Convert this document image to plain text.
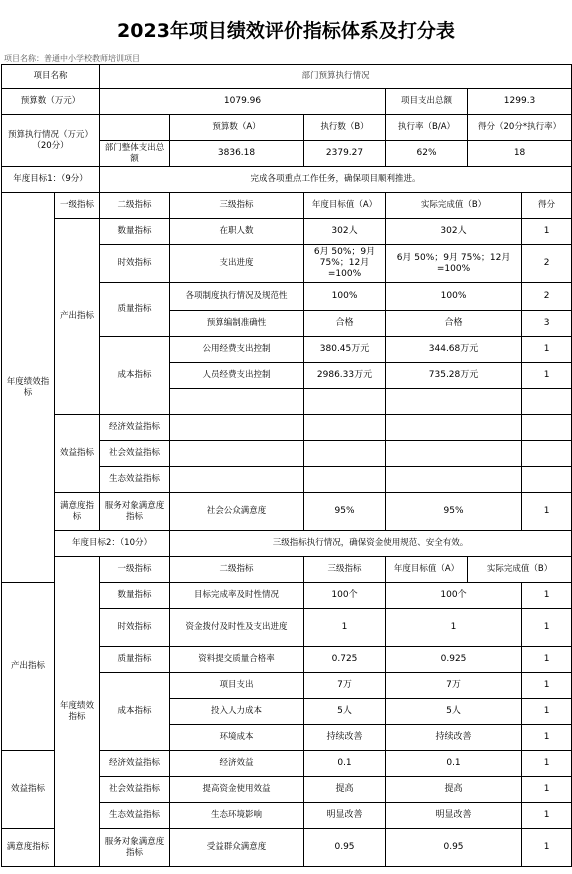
2023年项目绩效评价指标体系及打分表
项目名称：普通中小学校教师培训项目
项目名称		部门预算执行情况						
预算数（万元）		1079.96			项目支出总额	1299.3		
预算执行情况（万元）（20分）			预算数（A）	执行数（B）	执行率（B/A）	得分（20分*执行率）		
		部门整体支出总额	3836.18	2379.27	62%	18		
年度目标1：（9分）		完成各项重点工作任务，确保项目顺利推进。						
年度绩效指标	一级指标	二级指标	三级指标	年度目标值（A）	实际完成值（B）		得分	
	产出指标	数量指标	在职人数	302人	302人		1	
		时效指标	支出进度	6月 50%；9月 75%；12月=100%	6月 50%；9月 75%；12月=100%		2	
		质量指标	各项制度执行情况及规范性	100%	100%		2	
			预算编制准确性	合格	合格		3	
		成本指标	公用经费支出控制	380.45万元	344.68万元		1	
			人员经费支出控制	2986.33万元	735.28万元		1	

	效益指标	经济效益指标						
		社会效益指标						
		生态效益指标						
	满意度指标	服务对象满意度指标	社会公众满意度	95%	95%		1	
	年度目标2：（10分）		三级指标执行情况，确保资金使用规范、安全有效。					
	年度绩效指标	一级指标	二级指标	三级指标	年度目标值（A）	实际完成值（B）	
产出指标		数量指标	目标完成率及时性情况	100个	100个		1	
		时效指标	资金拨付及时性及支出进度	1	1		1	
		质量指标	资料提交质量合格率	0.725	0.925		1	
		成本指标	项目支出	7万	7万		1	
			投入人力成本	5人	5人		1	
			环境成本	持续改善	持续改善		1	
效益指标		经济效益指标	经济效益	0.1	0.1		1	
		社会效益指标	提高资金使用效益	提高	提高		1	
		生态效益指标	生态环境影响	明显改善	明显改善		1	
满意度指标		服务对象满意度指标	受益群众满意度	0.95	0.95		1	
